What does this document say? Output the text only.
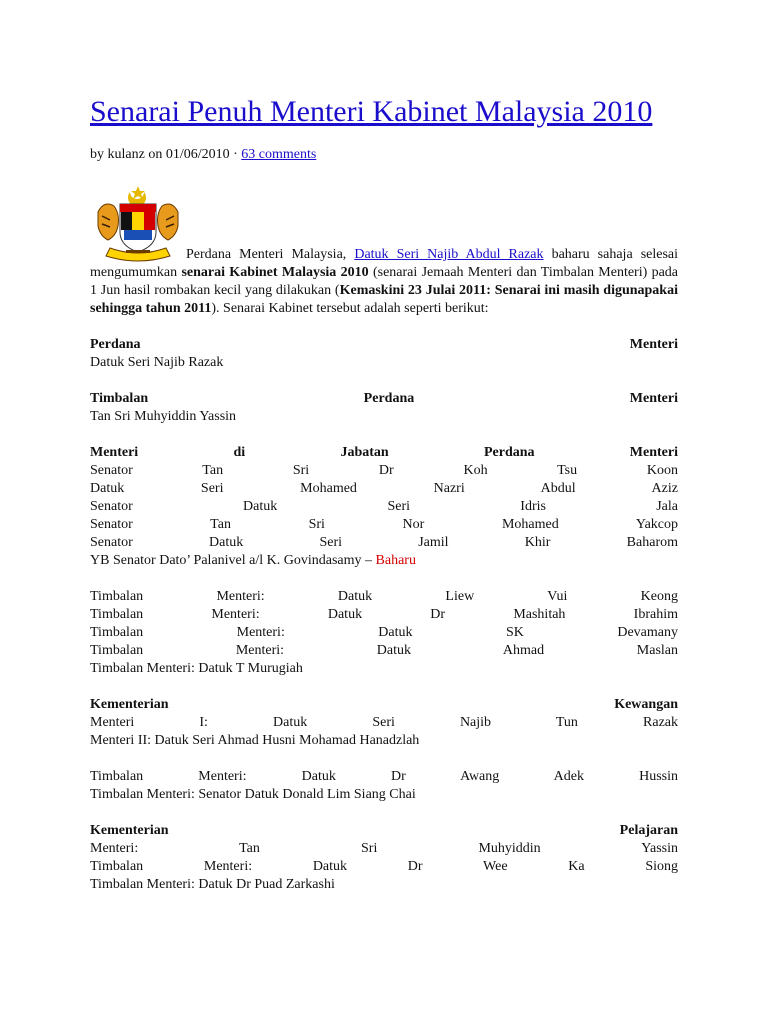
Senarai Penuh Menteri Kabinet Malaysia 2010
by kulanz on 01/06/2010 · 63 comments
Perdana Menteri Malaysia, Datuk Seri Najib Abdul Razak baharu sahaja selesai mengumumkan senarai Kabinet Malaysia 2010 (senarai Jemaah Menteri dan Timbalan Menteri) pada 1 Jun hasil rombakan kecil yang dilakukan (Kemaskini 23 Julai 2011: Senarai ini masih digunapakai sehingga tahun 2011). Senarai Kabinet tersebut adalah seperti berikut:
Perdana Menteri
Datuk Seri Najib Razak
Timbalan Perdana Menteri
Tan Sri Muhyiddin Yassin
Menteri di Jabatan Perdana Menteri
Senator Tan Sri Dr Koh Tsu Koon
Datuk Seri Mohamed Nazri Abdul Aziz
Senator Datuk Seri Idris Jala
Senator Tan Sri Nor Mohamed Yakcop
Senator Datuk Seri Jamil Khir Baharom
YB Senator Dato’ Palanivel a/l K. Govindasamy – Baharu
Timbalan Menteri: Datuk Liew Vui Keong
Timbalan Menteri: Datuk Dr Mashitah Ibrahim
Timbalan Menteri: Datuk SK Devamany
Timbalan Menteri: Datuk Ahmad Maslan
Timbalan Menteri: Datuk T Murugiah
Kementerian Kewangan
Menteri I: Datuk Seri Najib Tun Razak
Menteri II: Datuk Seri Ahmad Husni Mohamad Hanadzlah
Timbalan Menteri: Datuk Dr Awang Adek Hussin
Timbalan Menteri: Senator Datuk Donald Lim Siang Chai
Kementerian Pelajaran
Menteri: Tan Sri Muhyiddin Yassin
Timbalan Menteri: Datuk Dr Wee Ka Siong
Timbalan Menteri: Datuk Dr Puad Zarkashi
